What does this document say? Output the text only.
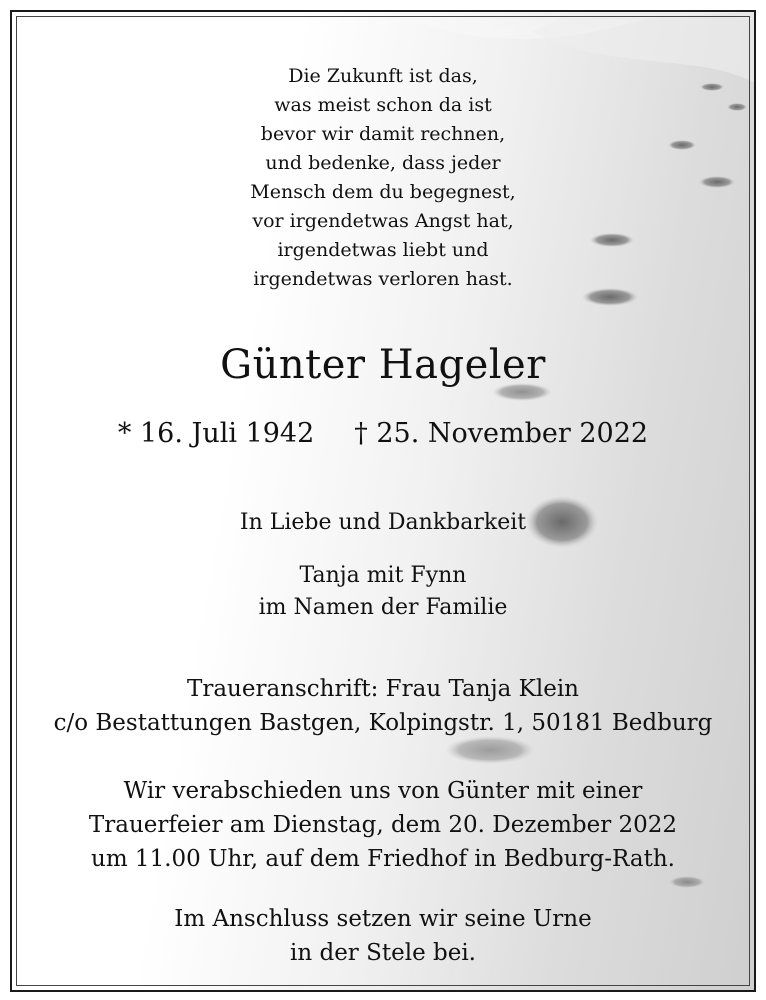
Die Zukunft ist das,
was meist schon da ist
bevor wir damit rechnen,
und bedenke, dass jeder
Mensch dem du begegnest,
vor irgendetwas Angst hat,
irgendetwas liebt und
irgendetwas verloren hast.
Günter Hageler
* 16. Juli 1942 † 25. November 2022
In Liebe und Dankbarkeit
Tanja mit Fynn
im Namen der Familie
Traueranschrift: Frau Tanja Klein
c/o Bestattungen Bastgen, Kolpingstr. 1, 50181 Bedburg
Wir verabschieden uns von Günter mit einer
Trauerfeier am Dienstag, dem 20. Dezember 2022
um 11.00 Uhr, auf dem Friedhof in Bedburg-Rath.
Im Anschluss setzen wir seine Urne
in der Stele bei.
